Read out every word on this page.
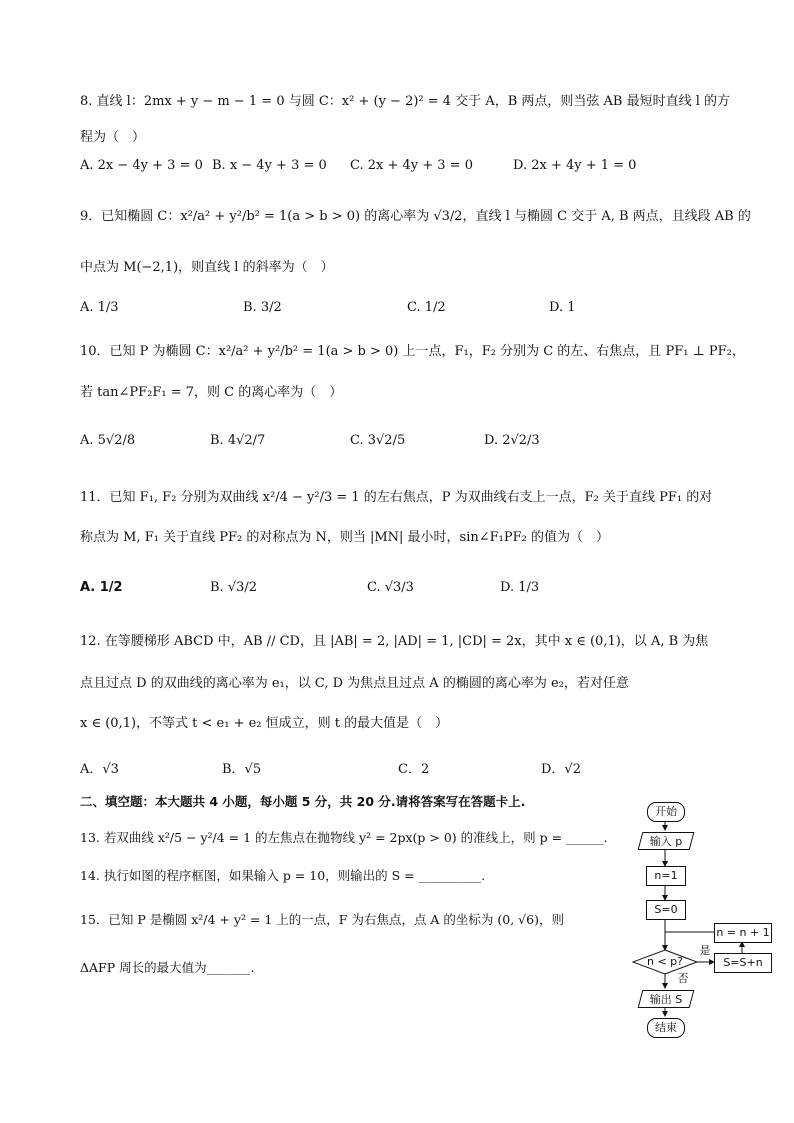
8. 直线 l：2mx + y − m − 1 = 0 与圆 C：x² + (y − 2)² = 4 交于 A，B 两点，则当弦 AB 最短时直线 l 的方
程为（　）
A. 2x − 4y + 3 = 0 B. x − 4y + 3 = 0 C. 2x + 4y + 3 = 0	D. 2x + 4y + 1 = 0
9．已知椭圆 C：x²/a² + y²/b² = 1(a > b > 0) 的离心率为 √3/2，直线 l 与椭圆 C 交于 A, B 两点，且线段 AB 的
中点为 M(−2,1)，则直线 l 的斜率为（　）
A. 1/3	B. 3/2	C. 1/2	D. 1
10．已知 P 为椭圆 C：x²/a² + y²/b² = 1(a > b > 0) 上一点，F₁，F₂ 分别为 C 的左、右焦点，且 PF₁ ⊥ PF₂，
若 tan∠PF₂F₁ = 7，则 C 的离心率为（　）
A. 5√2/8	B. 4√2/7	C. 3√2/5	D. 2√2/3
11．已知 F₁, F₂ 分别为双曲线 x²/4 − y²/3 = 1 的左右焦点，P 为双曲线右支上一点，F₂ 关于直线 PF₁ 的对
称点为 M, F₁ 关于直线 PF₂ 的对称点为 N，则当 |MN| 最小时，sin∠F₁PF₂ 的值为（　）
A. 1/2	B. √3/2	C. √3/3	D. 1/3
12. 在等腰梯形 ABCD 中，AB // CD，且 |AB| = 2, |AD| = 1, |CD| = 2x，其中 x ∈ (0,1)，以 A, B 为焦
点且过点 D 的双曲线的离心率为 e₁，以 C, D 为焦点且过点 A 的椭圆的离心率为 e₂，若对任意
x ∈ (0,1)，不等式 t < e₁ + e₂ 恒成立，则 t 的最大值是（　）
A．√3	B．√5	C．2	D．√2
二、填空题：本大题共 4 小题，每小题 5 分，共 20 分.请将答案写在答题卡上.
13. 若双曲线 x²/5 − y²/4 = 1 的左焦点在抛物线 y² = 2px(p > 0) 的准线上，则 p = ______.
14. 执行如图的程序框图，如果输入 p = 10，则输出的 S = __________.
15．已知 P 是椭圆 x²/4 + y² = 1 上的一点，F 为右焦点，点 A 的坐标为 (0, √6)，则
ΔAFP 周长的最大值为_______.
开始
输入 p
n=1
S=0
n < p?
是
否
S=S+n
n = n + 1
输出 S
结束
